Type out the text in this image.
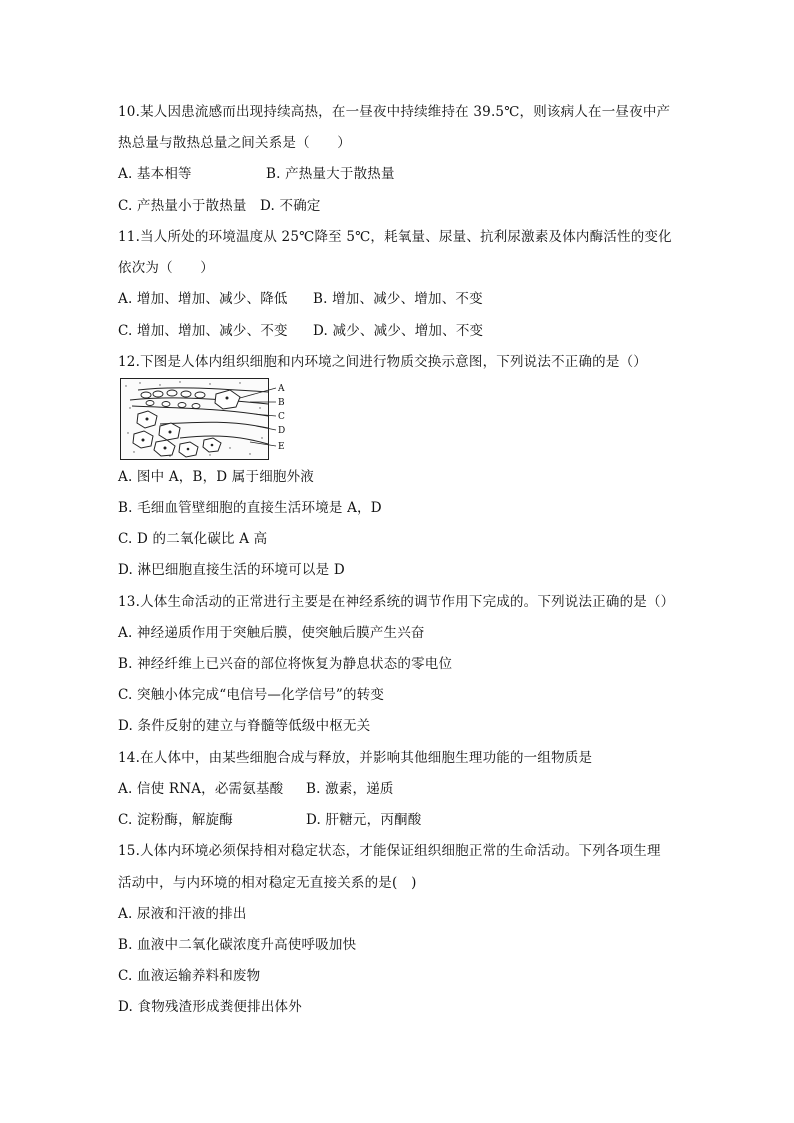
10.某人因患流感而出现持续高热，在一昼夜中持续维持在 39.5℃，则该病人在一昼夜中产
热总量与散热总量之间关系是（　　）
A. 基本相等	B. 产热量大于散热量
C. 产热量小于散热量 D. 不确定
11.当人所处的环境温度从 25℃降至 5℃，耗氧量、尿量、抗利尿激素及体内酶活性的变化
依次为（　　）
A. 增加、增加、减少、降低 B. 增加、减少、增加、不变
C. 增加、增加、减少、不变 D. 减少、减少、增加、不变
12.下图是人体内组织细胞和内环境之间进行物质交换示意图，下列说法不正确的是（）
A
B
C
D
E
A. 图中 A，B，D 属于细胞外液
B. 毛细血管壁细胞的直接生活环境是 A，D
C. D 的二氧化碳比 A 高
D. 淋巴细胞直接生活的环境可以是 D
13.人体生命活动的正常进行主要是在神经系统的调节作用下完成的。下列说法正确的是（）
A. 神经递质作用于突触后膜，使突触后膜产生兴奋
B. 神经纤维上已兴奋的部位将恢复为静息状态的零电位
C. 突触小体完成“电信号—化学信号”的转变
D. 条件反射的建立与脊髓等低级中枢无关
14.在人体中，由某些细胞合成与释放，并影响其他细胞生理功能的一组物质是
A. 信使 RNA，必需氨基酸 B. 激素，递质
C. 淀粉酶，解旋酶	D. 肝糖元，丙酮酸
15.人体内环境必须保持相对稳定状态，才能保证组织细胞正常的生命活动。下列各项生理
活动中，与内环境的相对稳定无直接关系的是(　)
A. 尿液和汗液的排出
B. 血液中二氧化碳浓度升高使呼吸加快
C. 血液运输养料和废物
D. 食物残渣形成粪便排出体外
